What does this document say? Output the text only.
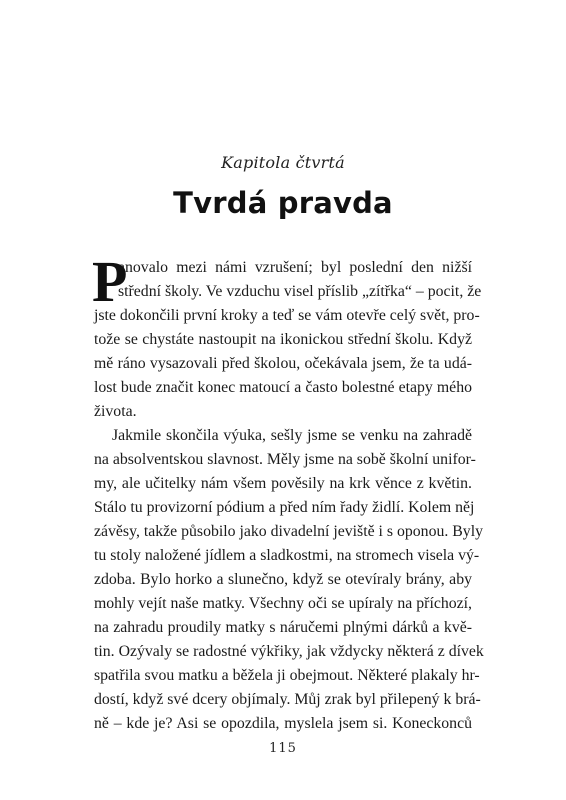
Kapitola čtvrtá
Tvrdá pravda
P
anovalo mezi námi vzrušení; byl poslední den nižší
střední školy. Ve vzduchu visel příslib „zítřka“ – pocit, že
jste dokončili první kroky a teď se vám otevře celý svět, pro-
tože se chystáte nastoupit na ikonickou střední školu. Když
mě ráno vysazovali před školou, očekávala jsem, že ta udá-
lost bude značit konec matoucí a často bolestné etapy mého
života.
Jakmile skončila výuka, sešly jsme se venku na zahradě
na absolventskou slavnost. Měly jsme na sobě školní unifor-
my, ale učitelky nám všem pověsily na krk věnce z květin.
Stálo tu provizorní pódium a před ním řady židlí. Kolem něj
závěsy, takže působilo jako divadelní jeviště i s oponou. Byly
tu stoly naložené jídlem a sladkostmi, na stromech visela vý-
zdoba. Bylo horko a slunečno, když se otevíraly brány, aby
mohly vejít naše matky. Všechny oči se upíraly na příchozí,
na zahradu proudily matky s náručemi plnými dárků a kvě-
tin. Ozývaly se radostné výkřiky, jak vždycky některá z dívek
spatřila svou matku a běžela ji obejmout. Některé plakaly hr-
dostí, když své dcery objímaly. Můj zrak byl přilepený k brá-
ně – kde je? Asi se opozdila, myslela jsem si. Koneckonců
115
